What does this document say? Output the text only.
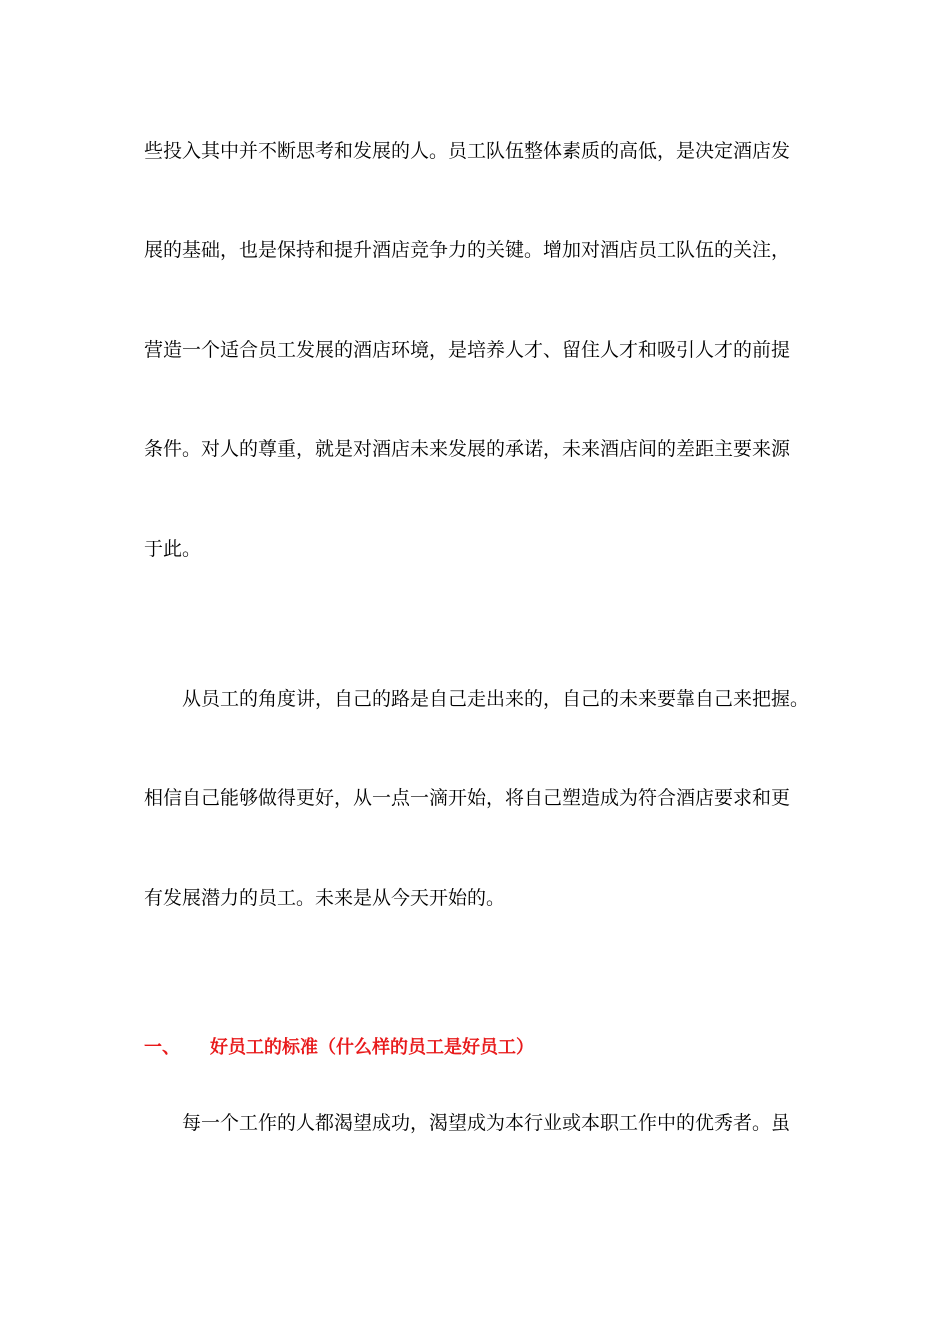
些投入其中并不断思考和发展的人。员工队伍整体素质的高低，是决定酒店发
展的基础，也是保持和提升酒店竞争力的关键。增加对酒店员工队伍的关注，
营造一个适合员工发展的酒店环境，是培养人才、留住人才和吸引人才的前提
条件。对人的尊重，就是对酒店未来发展的承诺，未来酒店间的差距主要来源
于此。
从员工的角度讲，自己的路是自己走出来的，自己的未来要靠自己来把握。
相信自己能够做得更好，从一点一滴开始，将自己塑造成为符合酒店要求和更
有发展潜力的员工。未来是从今天开始的。
一、 好员工的标准（什么样的员工是好员工）
每一个工作的人都渴望成功，渴望成为本行业或本职工作中的优秀者。虽
